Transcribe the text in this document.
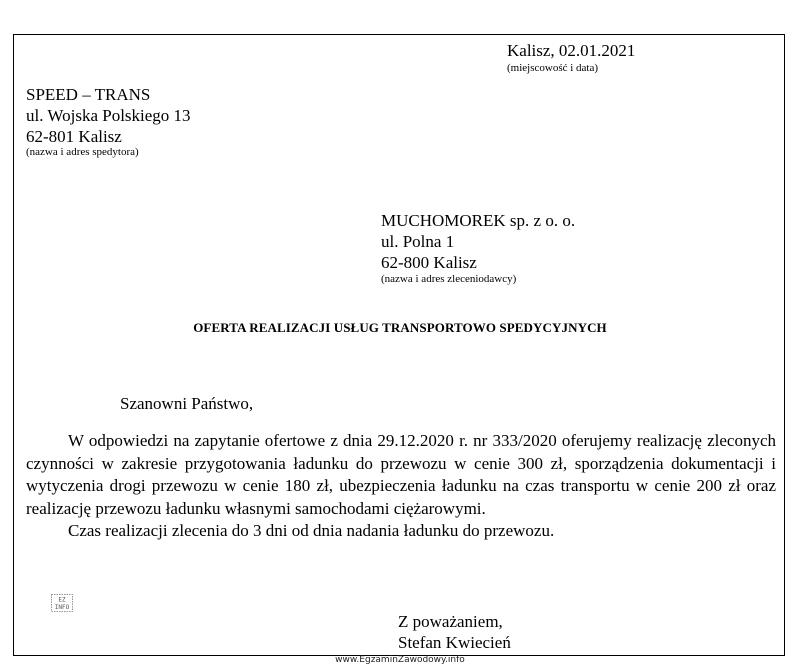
Kalisz, 02.01.2021
(miejscowość i data)
SPEED – TRANS
ul. Wojska Polskiego 13
62-801 Kalisz
(nazwa i adres spedytora)
MUCHOMOREK sp. z o. o.
ul. Polna 1
62-800 Kalisz
(nazwa i adres zleceniodawcy)
OFERTA REALIZACJI USŁUG TRANSPORTOWO SPEDYCYJNYCH
Szanowni Państwo,

W odpowiedzi na zapytanie ofertowe z dnia 29.12.2020 r. nr 333/2020 oferujemy realizację zleconych czynności w zakresie przygotowania ładunku do przewozu w cenie 300 zł, sporządzenia dokumentacji i wytyczenia drogi przewozu w cenie 180 zł, ubezpieczenia ładunku na czas transportu w cenie 200 zł oraz realizację przewozu ładunku własnymi samochodami ciężarowymi.

Czas realizacji zlecenia do 3 dni od dnia nadania ładunku do przewozu.

EZ
INFO
Z poważaniem,
Stefan Kwiecień
www.EgzaminZawodowy.info
